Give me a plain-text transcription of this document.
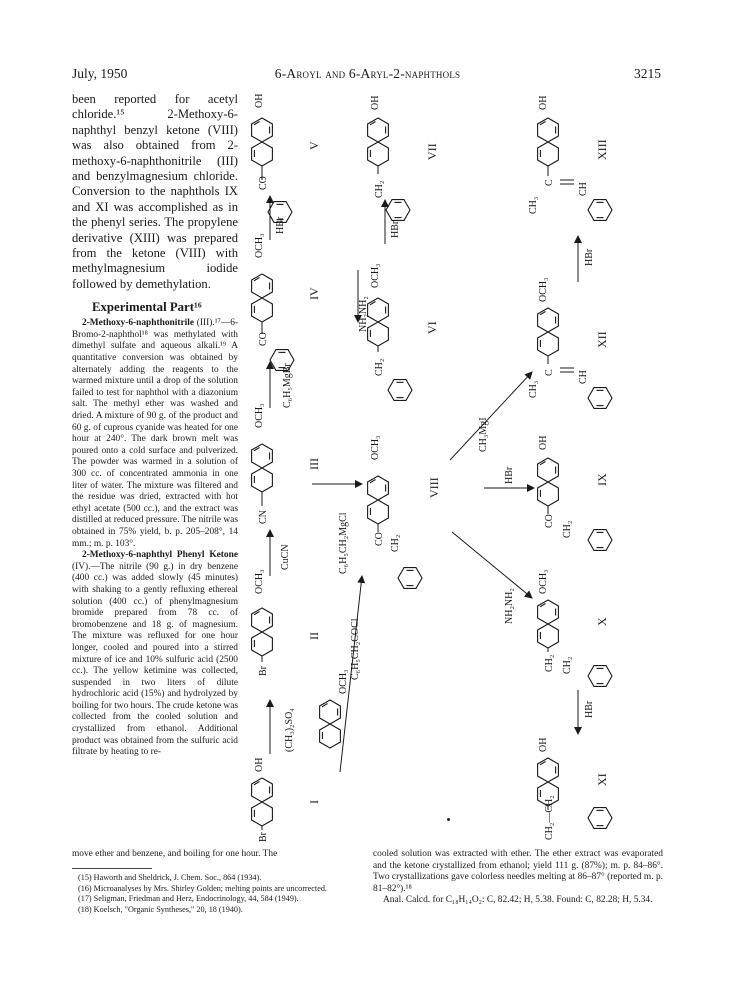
July, 1950	6-Aroyl and 6-Aryl-2-naphthols	3215

been reported for acetyl chloride.¹⁵ 2-Methoxy-6-naphthyl benzyl ketone (VIII) was also obtained from 2-methoxy-6-naphthonitrile (III) and benzylmagnesium chloride. Conversion to the naphthols IX and XI was accomplished as in the phenyl series. The propylene derivative (XIII) was prepared from the ketone (VIII) with methylmagnesium iodide followed by demethylation.

Experimental Part¹⁶

2-Methoxy-6-naphthonitrile (III).¹⁷—6-Bromo-2-naphthol¹⁸ was methylated with dimethyl sulfate and aqueous alkali.¹⁹ A quantitative conversion was obtained by alternately adding the reagents to the warmed mixture until a drop of the solution failed to test for naphthol with a diazonium salt. The methyl ether was washed and dried. A mixture of 90 g. of the product and 60 g. of cuprous cyanide was heated for one hour at 240°. The dark brown melt was poured onto a cold surface and pulverized. The powder was warmed in a solution of 300 cc. of concentrated ammonia in one liter of water. The mixture was filtered and the residue was dried, extracted with hot ethyl acetate (500 cc.), and the extract was distilled at reduced pressure. The nitrile was obtained in 75% yield, b. p. 205–208°, 14 mm.; m. p. 103°.

2-Methoxy-6-naphthyl Phenyl Ketone (IV).—The nitrile (90 g.) in dry benzene (400 cc.) was added slowly (45 minutes) with shaking to a gently refluxing ethereal solution (400 cc.) of phenylmagnesium bromide prepared from 78 cc. of bromobenzene and 18 g. of magnesium. The mixture was refluxed for one hour longer, cooled and poured into a stirred mixture of ice and 10% sulfuric acid (2500 cc.). The yellow ketimine was collected, suspended in two liters of dilute hydrochloric acid (15%) and hydrolyzed by boiling for two hours. The crude ketone was collected from the cooled solution and crystallized from ethanol. Additional product was obtained from the sulfuric acid filtrate by heating to re-

move ether and benzene, and boiling for one hour. The	cooled solution was extracted with ether. The ether extract was evaporated and the ketone crystallized from ethanol; yield 111 g. (87%); m. p. 84–86°. Two crystallizations gave colorless needles melting at 86–87° (reported m. p. 81–82°).¹⁸

Anal. Calcd. for C₁₈H₁₄O₂: C, 82.42; H, 5.38. Found: C, 82.28; H, 5.34.

(15) Haworth and Sheldrick, J. Chem. Soc., 864 (1934).
(16) Microanalyses by Mrs. Shirley Golden; melting points are uncorrected.
(17) Seligman, Friedman and Herz, Endocrinology, 44, 584 (1949).
(18) Koelsch, "Organic Syntheses," 20, 18 (1940).
OH
CO
V
HBr
OCH₃
CO
IV
C₆H₅MgBr
OCH₃
CN
III
CuCN
OCH₃
Br
II
(CH₃)₂SO₄
OH
Br
I
OH
CH₂
VII
HBr
OCH₃
CH₂
VI
NH₂NH₂
C₆H₅CH₂MgCl
C₆H₅CH₂COCl
OCH₃
OCH₃
CO CH₂
VIII
CH₃MgI
HBr
NH₂NH₂
OH
C
CH₃
CH
XIII
HBr
OCH₃
C
CH₃
CH
XII
OH
CO CH₂
IX
OCH₃
CH₂ CH₂
X
HBr
OH
CH₂—CH₂
XI
